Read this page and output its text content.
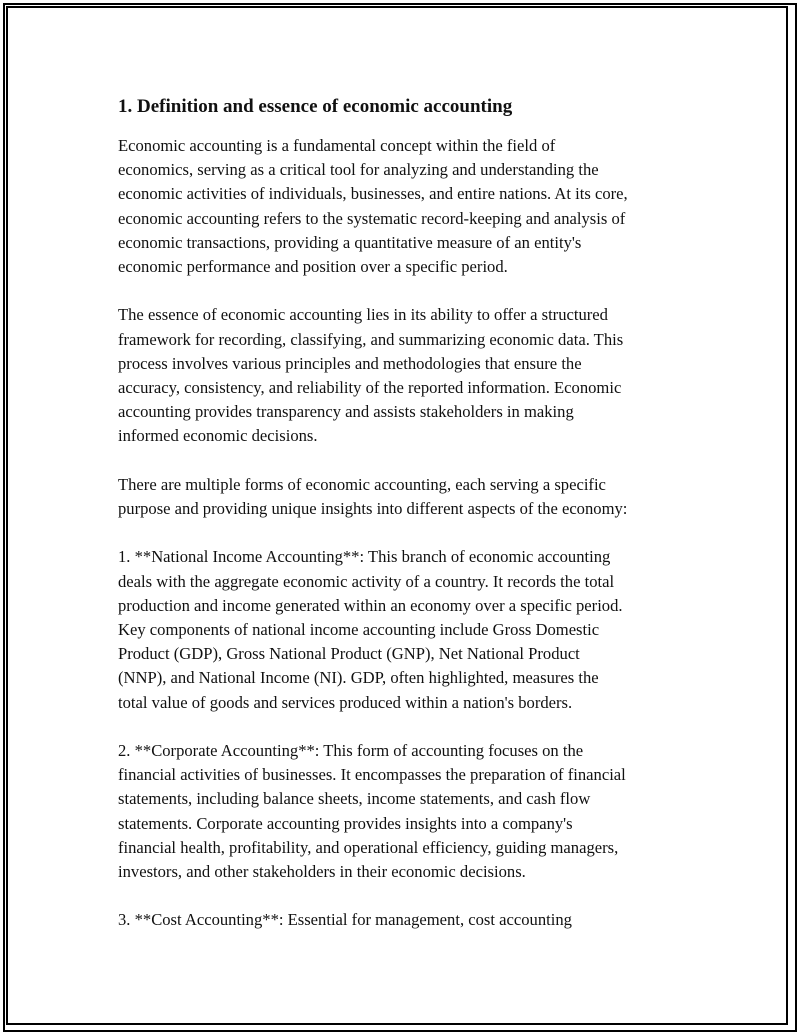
1. Definition and essence of economic accounting
Economic accounting is a fundamental concept within the field of
economics, serving as a critical tool for analyzing and understanding the
economic activities of individuals, businesses, and entire nations. At its core,
economic accounting refers to the systematic record-keeping and analysis of
economic transactions, providing a quantitative measure of an entity's
economic performance and position over a specific period.
The essence of economic accounting lies in its ability to offer a structured
framework for recording, classifying, and summarizing economic data. This
process involves various principles and methodologies that ensure the
accuracy, consistency, and reliability of the reported information. Economic
accounting provides transparency and assists stakeholders in making
informed economic decisions.
There are multiple forms of economic accounting, each serving a specific
purpose and providing unique insights into different aspects of the economy:
1. **National Income Accounting**: This branch of economic accounting
deals with the aggregate economic activity of a country. It records the total
production and income generated within an economy over a specific period.
Key components of national income accounting include Gross Domestic
Product (GDP), Gross National Product (GNP), Net National Product
(NNP), and National Income (NI). GDP, often highlighted, measures the
total value of goods and services produced within a nation's borders.
2. **Corporate Accounting**: This form of accounting focuses on the
financial activities of businesses. It encompasses the preparation of financial
statements, including balance sheets, income statements, and cash flow
statements. Corporate accounting provides insights into a company's
financial health, profitability, and operational efficiency, guiding managers,
investors, and other stakeholders in their economic decisions.
3. **Cost Accounting**: Essential for management, cost accounting
